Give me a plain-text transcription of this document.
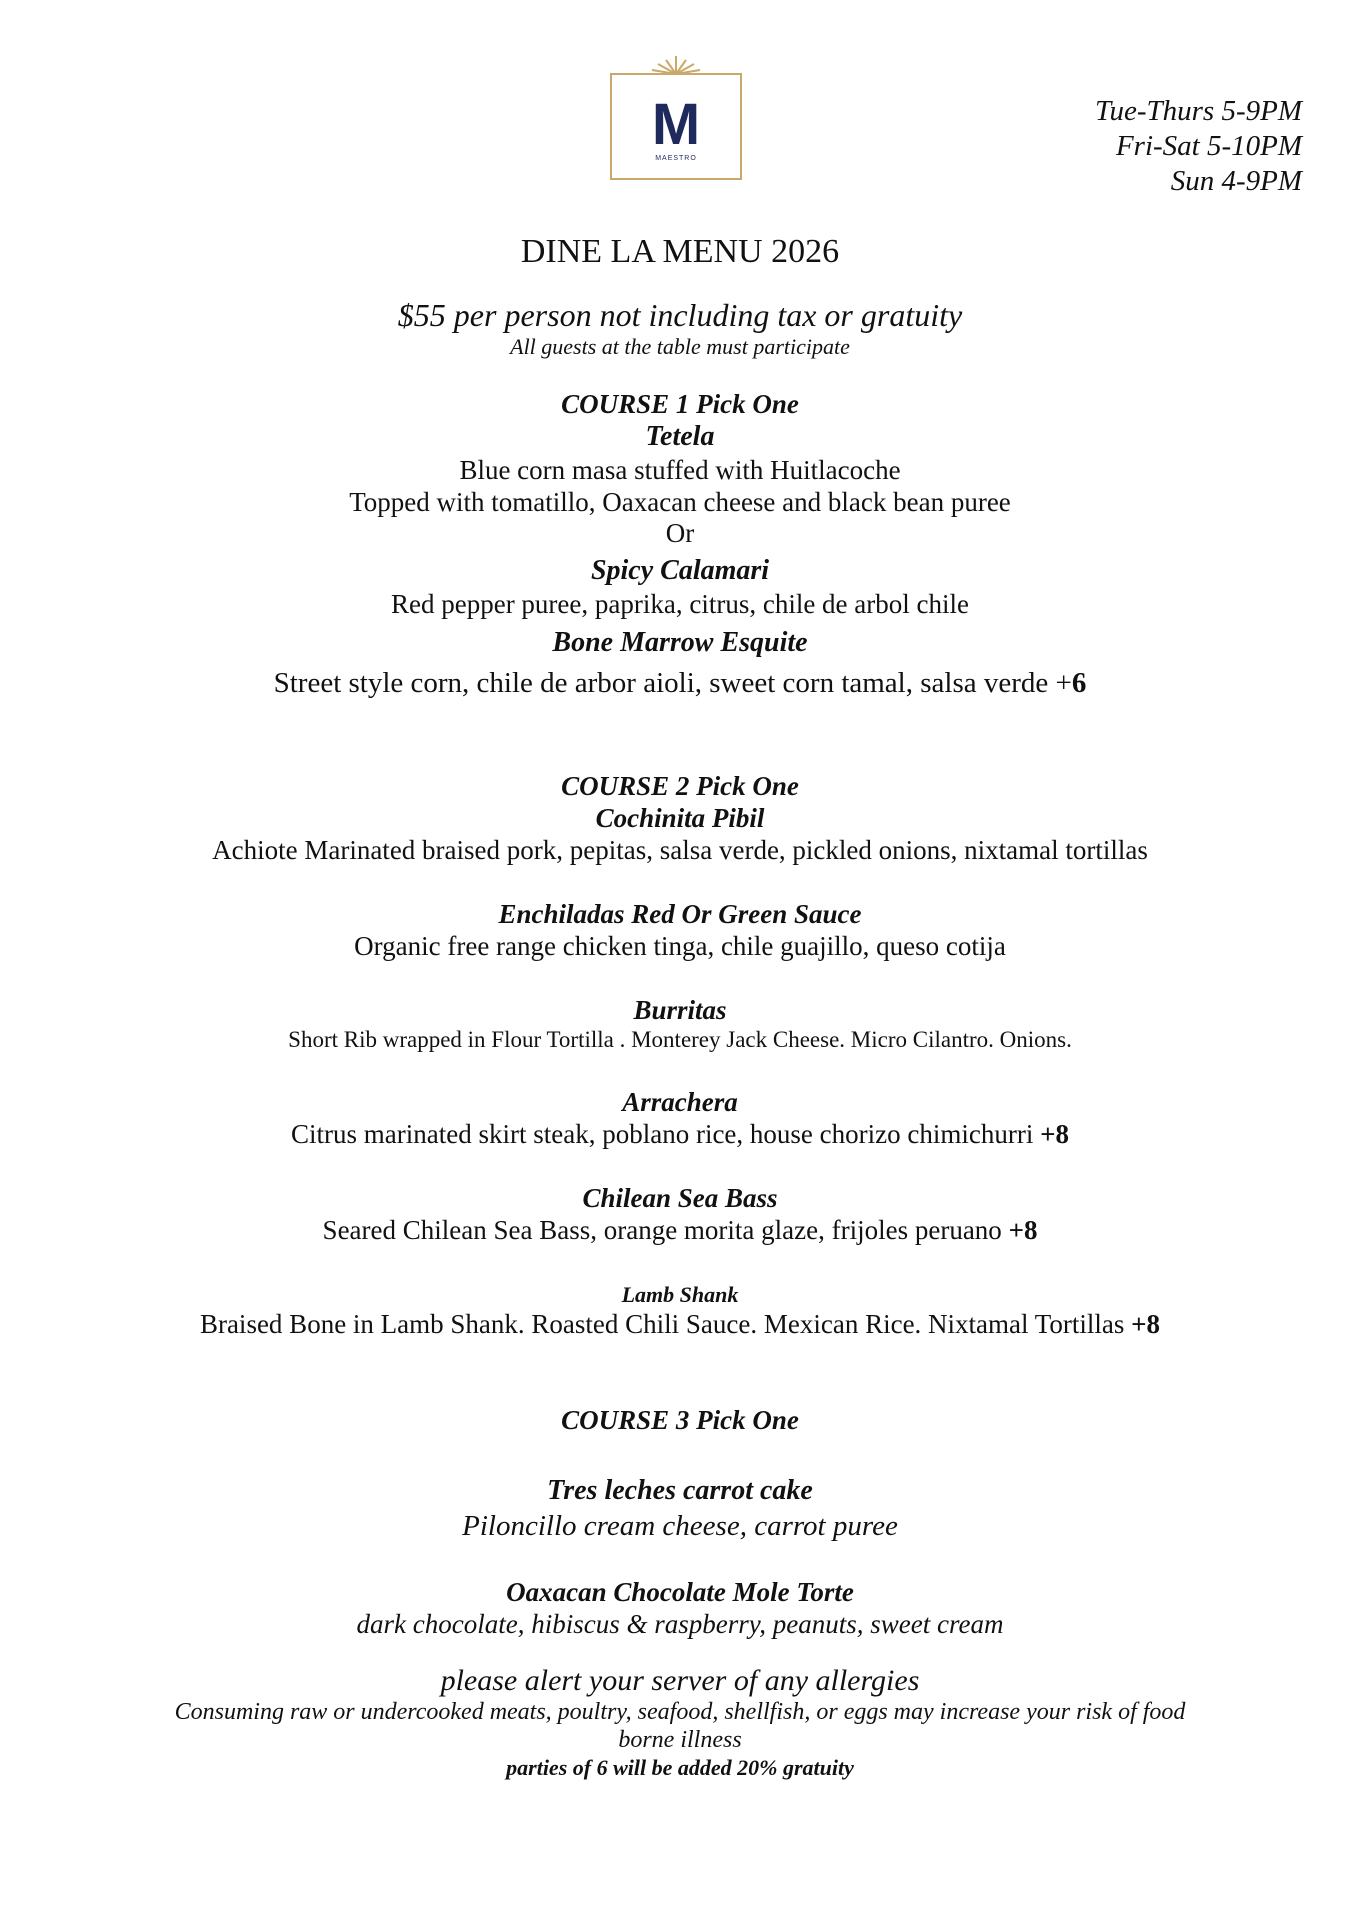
M
MAESTRO
Tue-Thurs 5-9PM
Fri-Sat 5-10PM
Sun 4-9PM
DINE LA MENU 2026
$55 per person not including tax or gratuity
All guests at the table must participate
COURSE 1 Pick One
Tetela
Blue corn masa stuffed with Huitlacoche
Topped with tomatillo, Oaxacan cheese and black bean puree
Or
Spicy Calamari
Red pepper puree, paprika, citrus, chile de arbol chile
Bone Marrow Esquite
Street style corn, chile de arbor aioli, sweet corn tamal, salsa verde +6
COURSE 2 Pick One
Cochinita Pibil
Achiote Marinated braised pork, pepitas, salsa verde, pickled onions, nixtamal tortillas
Enchiladas Red Or Green Sauce
Organic free range chicken tinga, chile guajillo, queso cotija
Burritas
Short Rib wrapped in Flour Tortilla . Monterey Jack Cheese. Micro Cilantro. Onions.
Arrachera
Citrus marinated skirt steak, poblano rice, house chorizo chimichurri +8
Chilean Sea Bass
Seared Chilean Sea Bass, orange morita glaze, frijoles peruano +8
Lamb Shank
Braised Bone in Lamb Shank. Roasted Chili Sauce. Mexican Rice. Nixtamal Tortillas +8
COURSE 3 Pick One
Tres leches carrot cake
Piloncillo cream cheese, carrot puree
Oaxacan Chocolate Mole Torte
dark chocolate, hibiscus & raspberry, peanuts, sweet cream
please alert your server of any allergies
Consuming raw or undercooked meats, poultry, seafood, shellfish, or eggs may increase your risk of food
borne illness
parties of 6 will be added 20% gratuity
